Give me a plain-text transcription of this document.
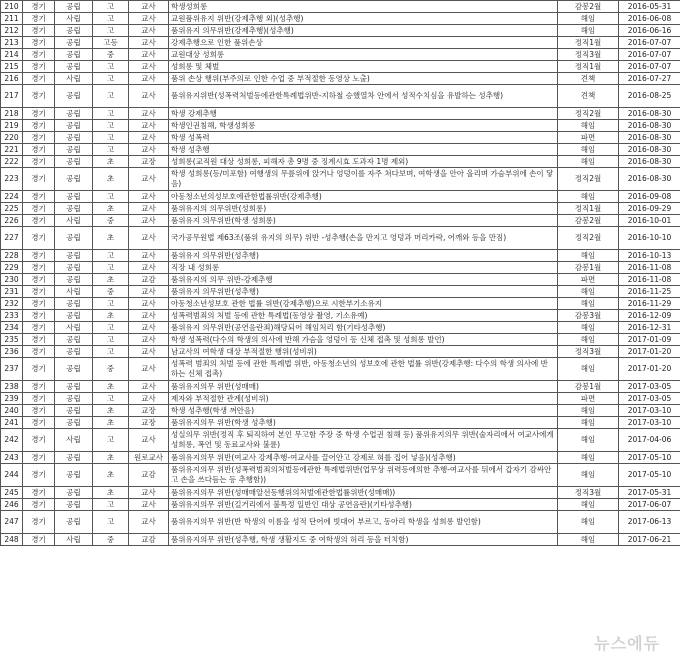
210	경기	공립	고	교사	학생성희롱	감봉2월	2016-05-31
211	경기	사립	고	교사	교원품위유지 위반(강제추행 외)(성추행)	해임	2016-06-08
212	경기	공립	고	교사	품위유지 의무위반(강제추행)(성추행)	해임	2016-06-16
213	경기	공립	고등	교사	강제추행으로 인한 품위손상	정직1월	2016-07-07
214	경기	공립	중	교사	교원대상 성희롱	정직3월	2016-07-07
215	경기	공립	고	교사	성희롱 및 체벌	정직1월	2016-07-07
216	경기	사립	고	교사	품위 손상 행위(부주의로 인한 수업 중 부적절한 동영상 노출)	견책	2016-07-27
217	경기	공립	고	교사	품위유지위반(성폭력처벌등에관한특례법위반-지하철 승했열차 안에서 성적수치심을 유발하는 성추행)	견책	2016-08-25
218	경기	공립	고	교사	학생 강제추행	정직2월	2016-08-30
219	경기	공립	고	교사	학생인권침해, 학생성희롱	해임	2016-08-30
220	경기	공립	고	교사	학생 성폭력	파면	2016-08-30
221	경기	공립	고	교사	학생 성추행	해임	2016-08-30
222	경기	공립	초	교장	성희롱(교직원 대상 성희롱, 피해자 총 9명 중 징계시효 도과자 1명 제외)	해임	2016-08-30
223	경기	공립	초	교사	학생 성희롱(등/미포함) 여행생의 무릎위에 앉거나 엉덩이를 자주 쳐다보며, 여학생을 안아 올리며 가슴부위에 손이 닿음)	정직2월	2016-08-30
224	경기	공립	고	교사	아동청소년의성보호에관한법률위반(강제추행)	해임	2016-09-08
225	경기	공립	초	교사	품위유지의 의무위반(성희롱)	정직1월	2016-09-29
226	경기	사립	중	교사	품위유지 의무위반(학생 성희롱)	감봉2월	2016-10-01
227	경기	공립	초	교사	국가공무원법 제63조(품위 유지의 의무) 위반 -성추행(손을 만지고 엉덩과 머리카락, 어깨와 등을 만짐)	정직2월	2016-10-10
228	경기	공립	고	교사	품위유지 의무위반(성추행)	해임	2016-10-13
229	경기	공립	고	교사	직장 내 성희롱	감봉1월	2016-11-08
230	경기	공립	초	교감	품위유지의 의무 위반-강제추행	파면	2016-11-08
231	경기	사립	중	교사	품위유지 의무위반(성추행)	해임	2016-11-25
232	경기	공립	고	교사	아동청소년성보호 관한 법률 위반(강제추행)으로 시한부기소유지	해임	2016-11-29
233	경기	공립	초	교사	성폭력범죄의 처벌 등에 관한 특례법(동영상 촬영, 기소유예)	감봉3월	2016-12-09
234	경기	사립	고	교사	품위유지 의무위반(공연음란죄)해당되어 해임처리 함(기타성추행)	해임	2016-12-31
235	경기	공립	고	교사	학생 성폭력(다수의 학생의 의사에 반해 가슴을 엉덩이 등 신체 접촉 및 성희롱 발언)	해임	2017-01-09
236	경기	공립	고	교사	남교사의 여학생 대상 부적절한 행위(성비위)	정직3월	2017-01-20
237	경기	공립	중	교사	성폭력 범죄의 처벌 등에 관한 특례법 위반, 아동청소년의 성보호에 관한 법률 위반(강제추행: 다수의 학생 의사에 반하는 신체 접촉)	해임	2017-01-20
238	경기	공립	초	교사	품위유지의무 위반(성매매)	감봉1월	2017-03-05
239	경기	공립	고	교사	제자와 부적절한 관계(성비위)	파면	2017-03-05
240	경기	공립	초	교장	학생 성추행(학생 껴안음)	해임	2017-03-10
241	경기	공립	초	교장	품위유지의무 위반(학생 성추행)	해임	2017-03-10
242	경기	사립	고	교사	성실의무 위반(정직 후 퇴직하여 본인 무고함 주장 중 학생 수업권 침해 등) 품위유지의무 위반(술자리에서 여교사에게 성희롱, 폭언 및 동료교사와 불륜)	해임	2017-04-06
243	경기	공립	초	원로교사	품위유지의무 위반(여교사 강제추행-여교사를 끌어안고 강제로 혀를 집어 넣음)(성추행)	해임	2017-05-10
244	경기	공립	초	교감	품위유지의무 위반(성폭력범죄의처벌등에관한 특례법위반(업무상 위력등에의한 추행-여교사를 뒤에서 갑자기 감싸안고 손을 쓰다듬는 등 추행함))	해임	2017-05-10
245	경기	공립	초	교사	품위유지의무 위반(성매매알선등행위의처벌에관한법률위반(성매매))	정직3월	2017-05-31
246	경기	공립	고	교사	품위유지의무 위반(길거리에서 불특정 일반인 대상 공연음란)(기타성추행)	해임	2017-06-07
247	경기	공립	고	교사	품위유지의무 위반(반 학생의 이름을 성적 단어에 빗대어 부르고, 동아리 학생을 성희롱 발언함)	해임	2017-06-13
248	경기	사립	중	교감	품위유지의무 위반(성추행, 학생 생활지도 중 여학생의 허리 등을 터치함)	해임	2017-06-21
뉴스에듀
